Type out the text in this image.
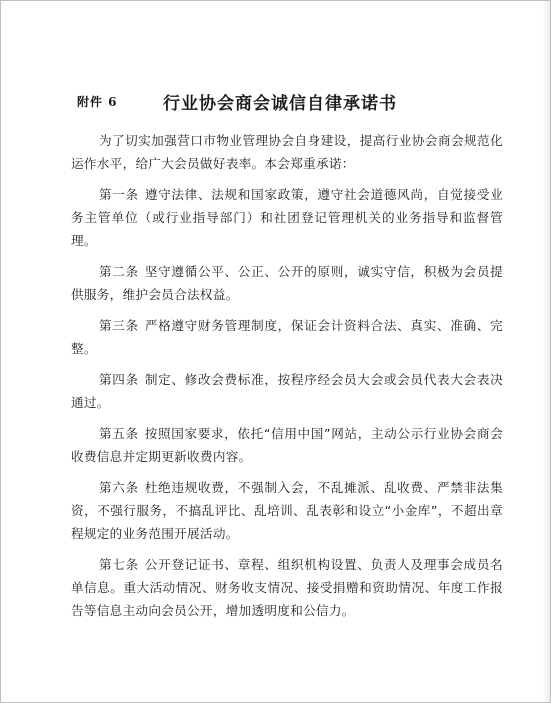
附件 6	行业协会商会诚信自律承诺书

为了切实加强营口市物业管理协会自身建设，提高行业协会商会规范化运作水平，给广大会员做好表率。本会郑重承诺：

第一条 遵守法律、法规和国家政策，遵守社会道德风尚，自觉接受业务主管单位（或行业指导部门）和社团登记管理机关的业务指导和监督管理。

第二条 坚守遵循公平、公正、公开的原则，诚实守信，积极为会员提供服务，维护会员合法权益。

第三条 严格遵守财务管理制度，保证会计资料合法、真实、准确、完整。

第四条 制定、修改会费标准，按程序经会员大会或会员代表大会表决通过。

第五条 按照国家要求，依托“信用中国”网站，主动公示行业协会商会收费信息并定期更新收费内容。

第六条 杜绝违规收费，不强制入会，不乱摊派、乱收费、严禁非法集资，不强行服务，不搞乱评比、乱培训、乱表彰和设立“小金库”，不超出章程规定的业务范围开展活动。

第七条 公开登记证书、章程、组织机构设置、负责人及理事会成员名单信息。重大活动情况、财务收支情况、接受捐赠和资助情况、年度工作报告等信息主动向会员公开，增加透明度和公信力。
